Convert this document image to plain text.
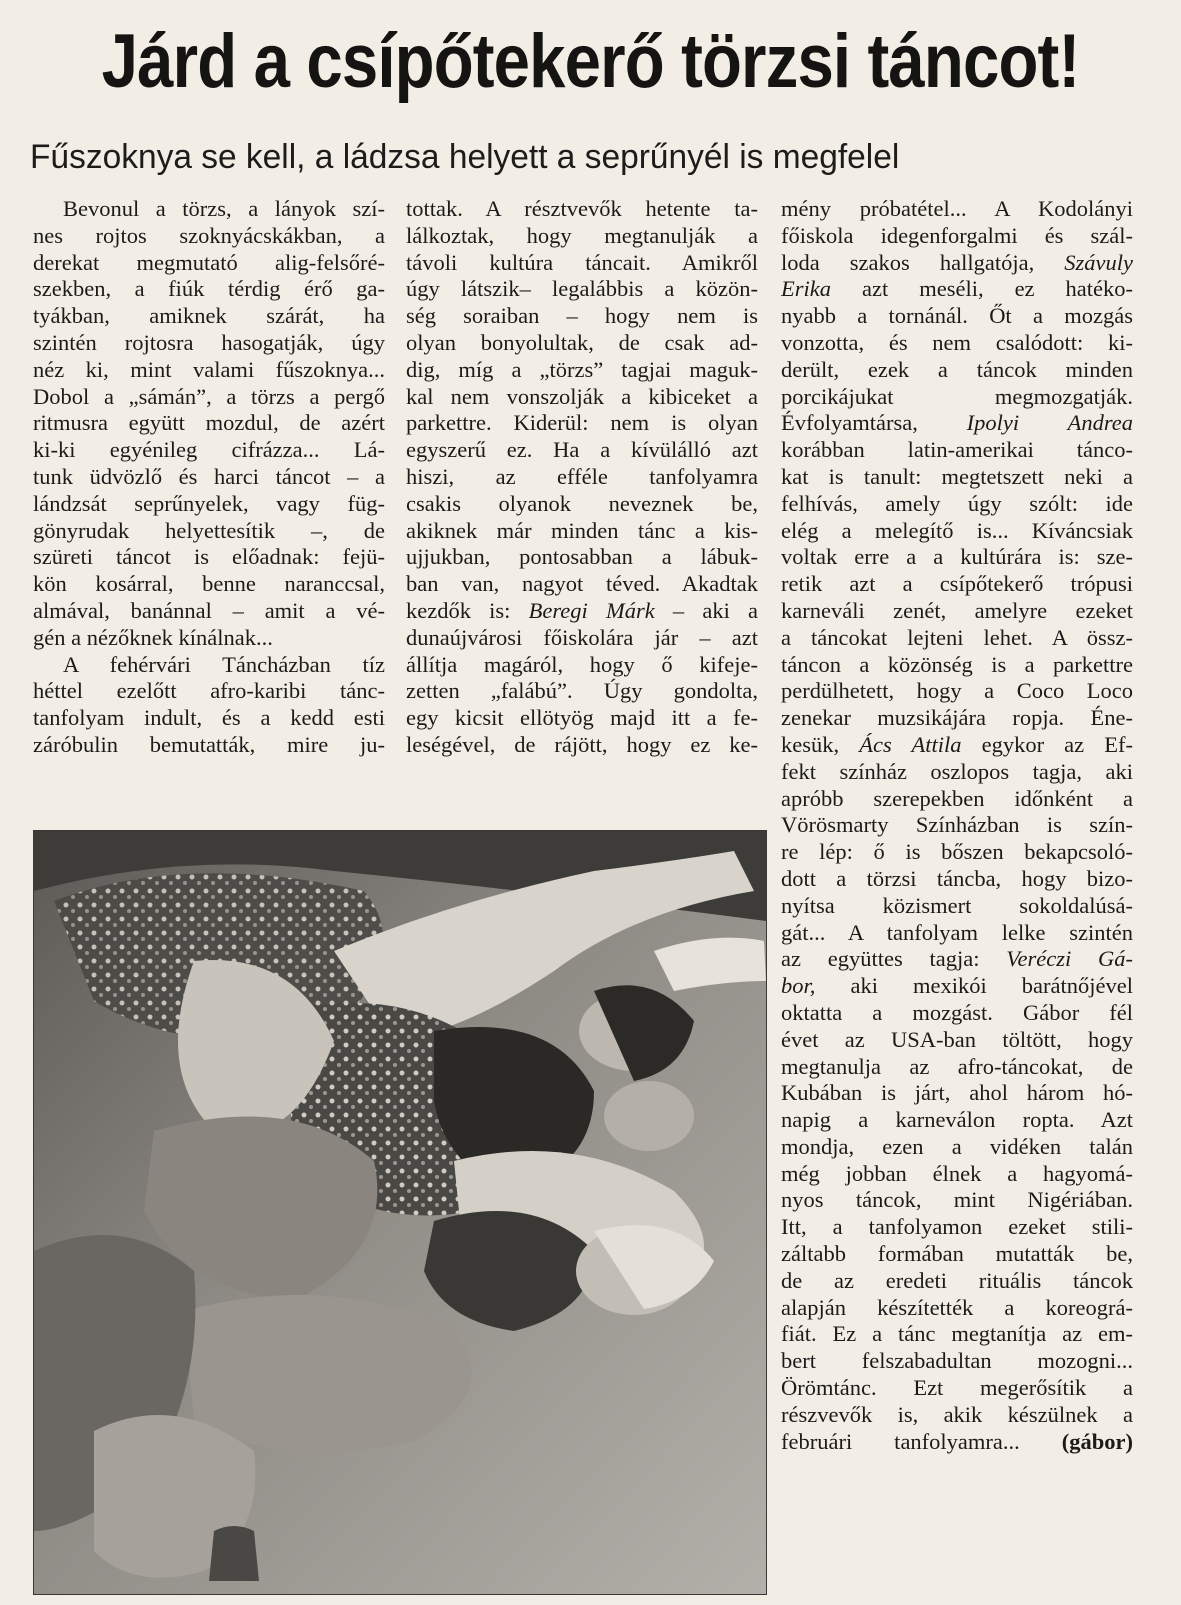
Járd a csípőtekerő törzsi táncot!
Fűszoknya se kell, a ládzsa helyett a seprűnyél is megfelel
Bevonul a törzs, a lányok szí-
nes rojtos szoknyácskákban, a
derekat megmutató alig-felsőré-
szekben, a fiúk térdig érő ga-
tyákban, amiknek szárát, ha
szintén rojtosra hasogatják, úgy
néz ki, mint valami fűszoknya...
Dobol a „sámán”, a törzs a pergő
ritmusra együtt mozdul, de azért
ki-ki egyénileg cifrázza... Lá-
tunk üdvözlő és harci táncot – a
lándzsát seprűnyelek, vagy füg-
gönyrudak helyettesítik –, de
szüreti táncot is előadnak: fejü-
kön kosárral, benne naranccsal,
almával, banánnal – amit a vé-
gén a nézőknek kínálnak...
A fehérvári Táncházban tíz
héttel ezelőtt afro-karibi tánc-
tanfolyam indult, és a kedd esti
záróbulin bemutatták, mire ju-
tottak. A résztvevők hetente ta-
lálkoztak, hogy megtanulják a
távoli kultúra táncait. Amikről
úgy látszik– legalábbis a közön-
ség soraiban – hogy nem is
olyan bonyolultak, de csak ad-
dig, míg a „törzs” tagjai maguk-
kal nem vonszolják a kibiceket a
parkettre. Kiderül: nem is olyan
egyszerű ez. Ha a kívülálló azt
hiszi, az efféle tanfolyamra
csakis olyanok neveznek be,
akiknek már minden tánc a kis-
ujjukban, pontosabban a lábuk-
ban van, nagyot téved. Akadtak
kezdők is: Beregi Márk – aki a
dunaújvárosi főiskolára jár – azt
állítja magáról, hogy ő kifeje-
zetten „falábú”. Úgy gondolta,
egy kicsit ellötyög majd itt a fe-
leségével, de rájött, hogy ez ke-
mény próbatétel... A Kodolányi
főiskola idegenforgalmi és szál-
loda szakos hallgatója, Szávuly
Erika azt meséli, ez hatéko-
nyabb a tornánál. Őt a mozgás
vonzotta, és nem csalódott: ki-
derült, ezek a táncok minden
porcikájukat megmozgatják.
Évfolyamtársa, Ipolyi Andrea
korábban latin-amerikai tánco-
kat is tanult: megtetszett neki a
felhívás, amely úgy szólt: ide
elég a melegítő is... Kíváncsiak
voltak erre a a kultúrára is: sze-
retik azt a csípőtekerő trópusi
karneváli zenét, amelyre ezeket
a táncokat lejteni lehet. A össz-
táncon a közönség is a parkettre
perdülhetett, hogy a Coco Loco
zenekar muzsikájára ropja. Éne-
kesük, Ács Attila egykor az Ef-
fekt színház oszlopos tagja, aki
apróbb szerepekben időnként a
Vörösmarty Színházban is szín-
re lép: ő is bőszen bekapcsoló-
dott a törzsi táncba, hogy bizo-
nyítsa közismert sokoldalúsá-
gát... A tanfolyam lelke szintén
az együttes tagja: Veréczi Gá-
bor, aki mexikói barátnőjével
oktatta a mozgást. Gábor fél
évet az USA-ban töltött, hogy
megtanulja az afro-táncokat, de
Kubában is járt, ahol három hó-
napig a karneválon ropta. Azt
mondja, ezen a vidéken talán
még jobban élnek a hagyomá-
nyos táncok, mint Nigériában.
Itt, a tanfolyamon ezeket stili-
záltabb formában mutatták be,
de az eredeti rituális táncok
alapján készítették a koreográ-
fiát. Ez a tánc megtanítja az em-
bert felszabadultan mozogni...
Örömtánc. Ezt megerősítik a
részvevők is, akik készülnek a
februári tanfolyamra... (gábor)
